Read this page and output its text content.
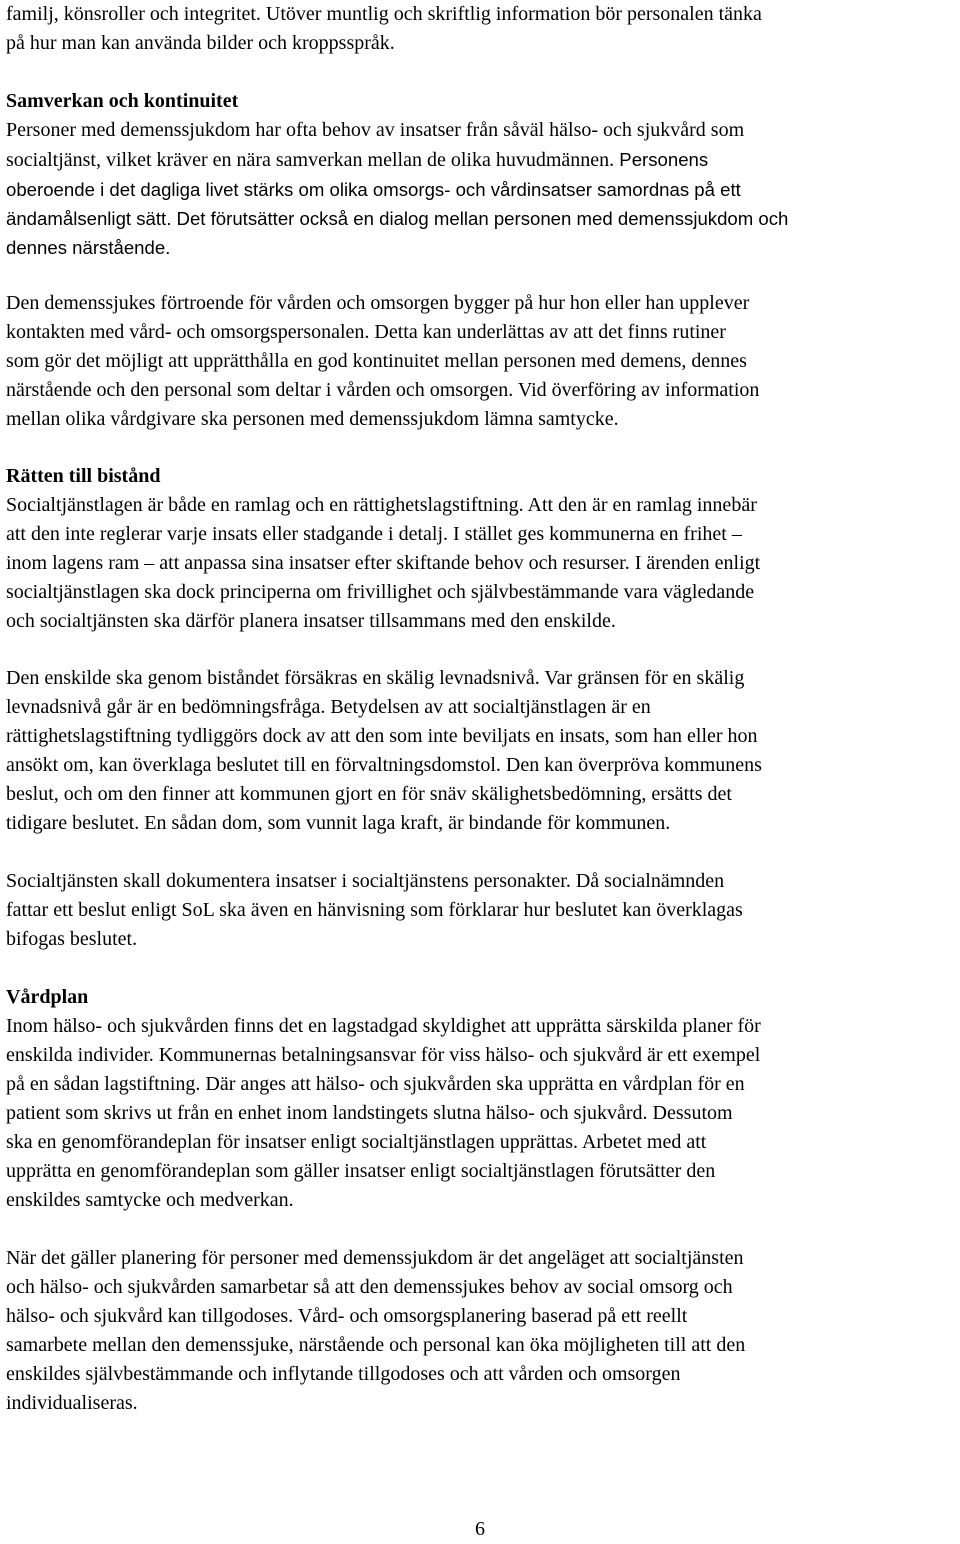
familj, könsroller och integritet. Utöver muntlig och skriftlig information bör personalen tänka
på hur man kan använda bilder och kroppsspråk.
Samverkan och kontinuitet
Personer med demenssjukdom har ofta behov av insatser från såväl hälso- och sjukvård som
socialtjänst, vilket kräver en nära samverkan mellan de olika huvudmännen. Personens
oberoende i det dagliga livet stärks om olika omsorgs- och vårdinsatser samordnas på ett
ändamålsenligt sätt. Det förutsätter också en dialog mellan personen med demenssjukdom och
dennes närstående.
Den demenssjukes förtroende för vården och omsorgen bygger på hur hon eller han upplever
kontakten med vård- och omsorgspersonalen. Detta kan underlättas av att det finns rutiner
som gör det möjligt att upprätthålla en god kontinuitet mellan personen med demens, dennes
närstående och den personal som deltar i vården och omsorgen. Vid överföring av information
mellan olika vårdgivare ska personen med demenssjukdom lämna samtycke.
Rätten till bistånd
Socialtjänstlagen är både en ramlag och en rättighetslagstiftning. Att den är en ramlag innebär
att den inte reglerar varje insats eller stadgande i detalj. I stället ges kommunerna en frihet –
inom lagens ram – att anpassa sina insatser efter skiftande behov och resurser. I ärenden enligt
socialtjänstlagen ska dock principerna om frivillighet och självbestämmande vara vägledande
och socialtjänsten ska därför planera insatser tillsammans med den enskilde.
Den enskilde ska genom biståndet försäkras en skälig levnadsnivå. Var gränsen för en skälig
levnadsnivå går är en bedömningsfråga. Betydelsen av att socialtjänstlagen är en
rättighetslagstiftning tydliggörs dock av att den som inte beviljats en insats, som han eller hon
ansökt om, kan överklaga beslutet till en förvaltningsdomstol. Den kan överpröva kommunens
beslut, och om den finner att kommunen gjort en för snäv skälighetsbedömning, ersätts det
tidigare beslutet. En sådan dom, som vunnit laga kraft, är bindande för kommunen.
Socialtjänsten skall dokumentera insatser i socialtjänstens personakter. Då socialnämnden
fattar ett beslut enligt SoL ska även en hänvisning som förklarar hur beslutet kan överklagas
bifogas beslutet.
Vårdplan
Inom hälso- och sjukvården finns det en lagstadgad skyldighet att upprätta särskilda planer för
enskilda individer. Kommunernas betalningsansvar för viss hälso- och sjukvård är ett exempel
på en sådan lagstiftning. Där anges att hälso- och sjukvården ska upprätta en vårdplan för en
patient som skrivs ut från en enhet inom landstingets slutna hälso- och sjukvård. Dessutom
ska en genomförandeplan för insatser enligt socialtjänstlagen upprättas. Arbetet med att
upprätta en genomförandeplan som gäller insatser enligt socialtjänstlagen förutsätter den
enskildes samtycke och medverkan.
När det gäller planering för personer med demenssjukdom är det angeläget att socialtjänsten
och hälso- och sjukvården samarbetar så att den demenssjukes behov av social omsorg och
hälso- och sjukvård kan tillgodoses. Vård- och omsorgsplanering baserad på ett reellt
samarbete mellan den demenssjuke, närstående och personal kan öka möjligheten till att den
enskildes självbestämmande och inflytande tillgodoses och att vården och omsorgen
individualiseras.
6
